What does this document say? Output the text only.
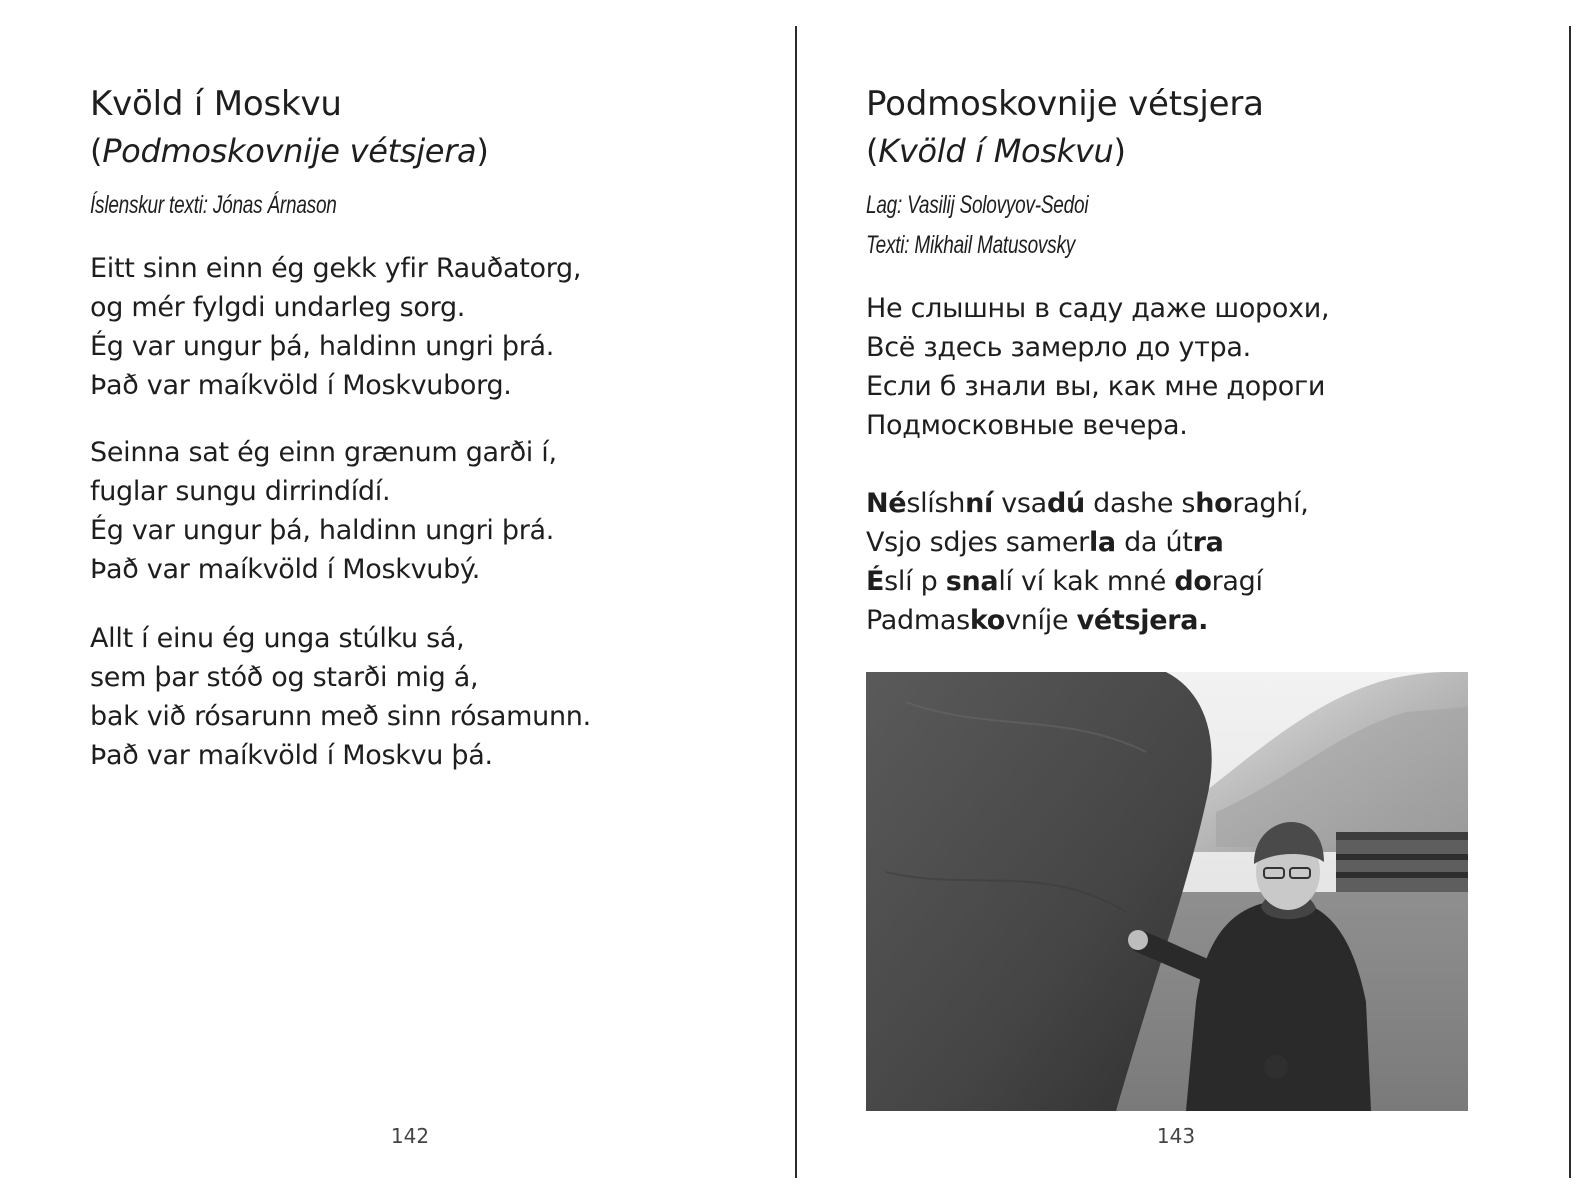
Kvöld í Moskvu

(Podmoskovnije vétsjera)

Íslenskur texti: Jónas Árnason

Eitt sinn einn ég gekk yfir Rauðatorg,
og mér fylgdi undarleg sorg.
Ég var ungur þá, haldinn ungri þrá.
Það var maíkvöld í Moskvuborg.
Seinna sat ég einn grænum garði í,
fuglar sungu dirrindídí.
Ég var ungur þá, haldinn ungri þrá.
Það var maíkvöld í Moskvubý.
Allt í einu ég unga stúlku sá,
sem þar stóð og starði mig á,
bak við rósarunn með sinn rósamunn.
Það var maíkvöld í Moskvu þá.
142
Podmoskovnije vétsjera

(Kvöld í Moskvu)

Lag: Vasilij Solovyov-Sedoi

Texti: Mikhail Matusovsky

Не слышны в саду даже шорохи,
Всё здесь замерло до утра.
Если б знали вы, как мне дороги
Подмосковные вечера.
Néslíshní vsadú dashe shoraghí,
Vsjo sdjes samerla da útra
Éslí p snalí ví kak mné doragí
Padmaskovníje vétsjera.
143
